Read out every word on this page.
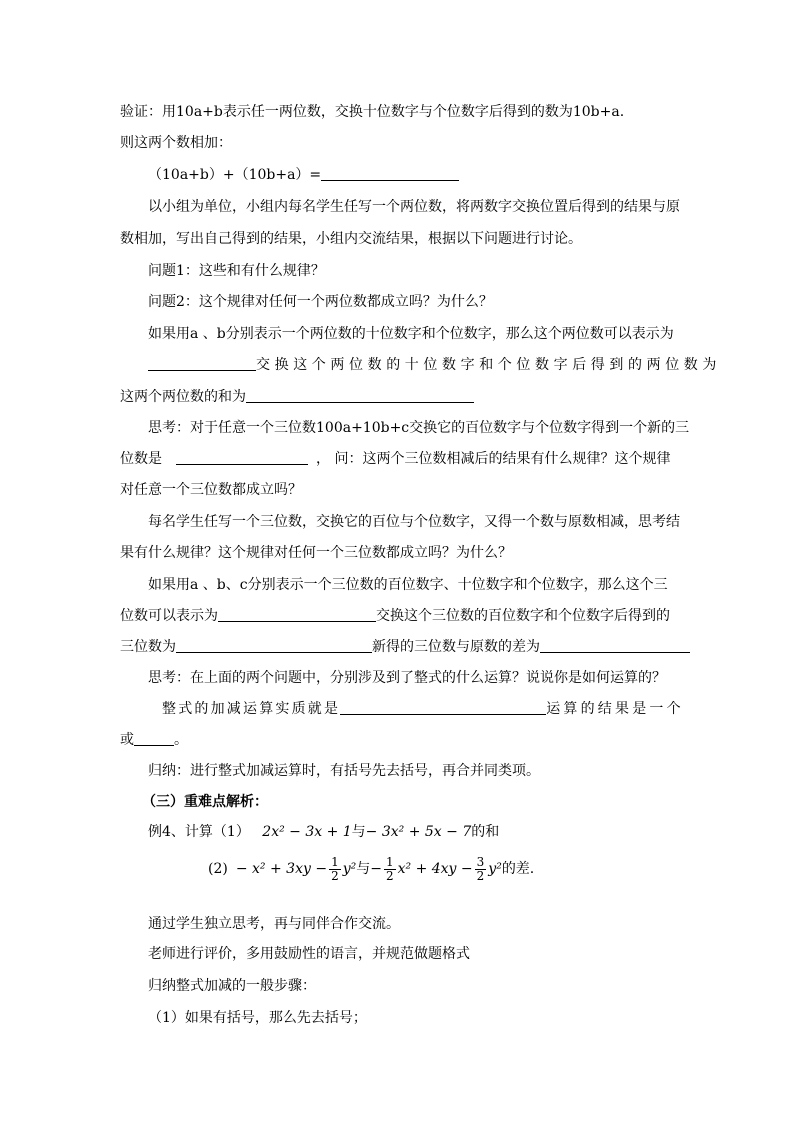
验证：用10a+b表示任一两位数，交换十位数字与个位数字后得到的数为10b+a.
则这两个数相加：
（10a+b）+（10b+a）=
以小组为单位，小组内每名学生任写一个两位数，将两数字交换位置后得到的结果与原
数相加，写出自己得到的结果，小组内交流结果，根据以下问题进行讨论。
问题1：这些和有什么规律？
问题2：这个规律对任何一个两位数都成立吗？为什么？
如果用a 、b分别表示一个两位数的十位数字和个位数字，那么这个两位数可以表示为
交换这个两位数的十位数字和个位数字后得到的两位数为
这两个两位数的和为
思考：对于任意一个三位数100a+10b+c交换它的百位数字与个位数字得到一个新的三
位数是	， 问：这两个三位数相减后的结果有什么规律？这个规律
对任意一个三位数都成立吗？
每名学生任写一个三位数，交换它的百位与个位数字，又得一个数与原数相减，思考结
果有什么规律？这个规律对任何一个三位数都成立吗？为什么？
如果用a 、b、c分别表示一个三位数的百位数字、十位数字和个位数字，那么这个三
位数可以表示为	交换这个三位数的百位数字和个位数字后得到的
三位数为	新得的三位数与原数的差为
思考：在上面的两个问题中，分别涉及到了整式的什么运算？说说你是如何运算的？
整式的加减运算实质就是	运算的结果是一个
或	。
归纳：进行整式加减运算时，有括号先去括号，再合并同类项。
（三）重难点解析：
例4、计算（1） 2x² − 3x + 1与− 3x² + 5x − 7的和
$(2) - x^2 + 3xy - \frac{1}{2} y^2$与− $\frac{1}{2} x^2 + 4xy - \frac{3}{2} y^2$的差.
通过学生独立思考，再与同伴合作交流。
老师进行评价，多用鼓励性的语言，并规范做题格式
归纳整式加减的一般步骤：
（1）如果有括号，那么先去括号；
